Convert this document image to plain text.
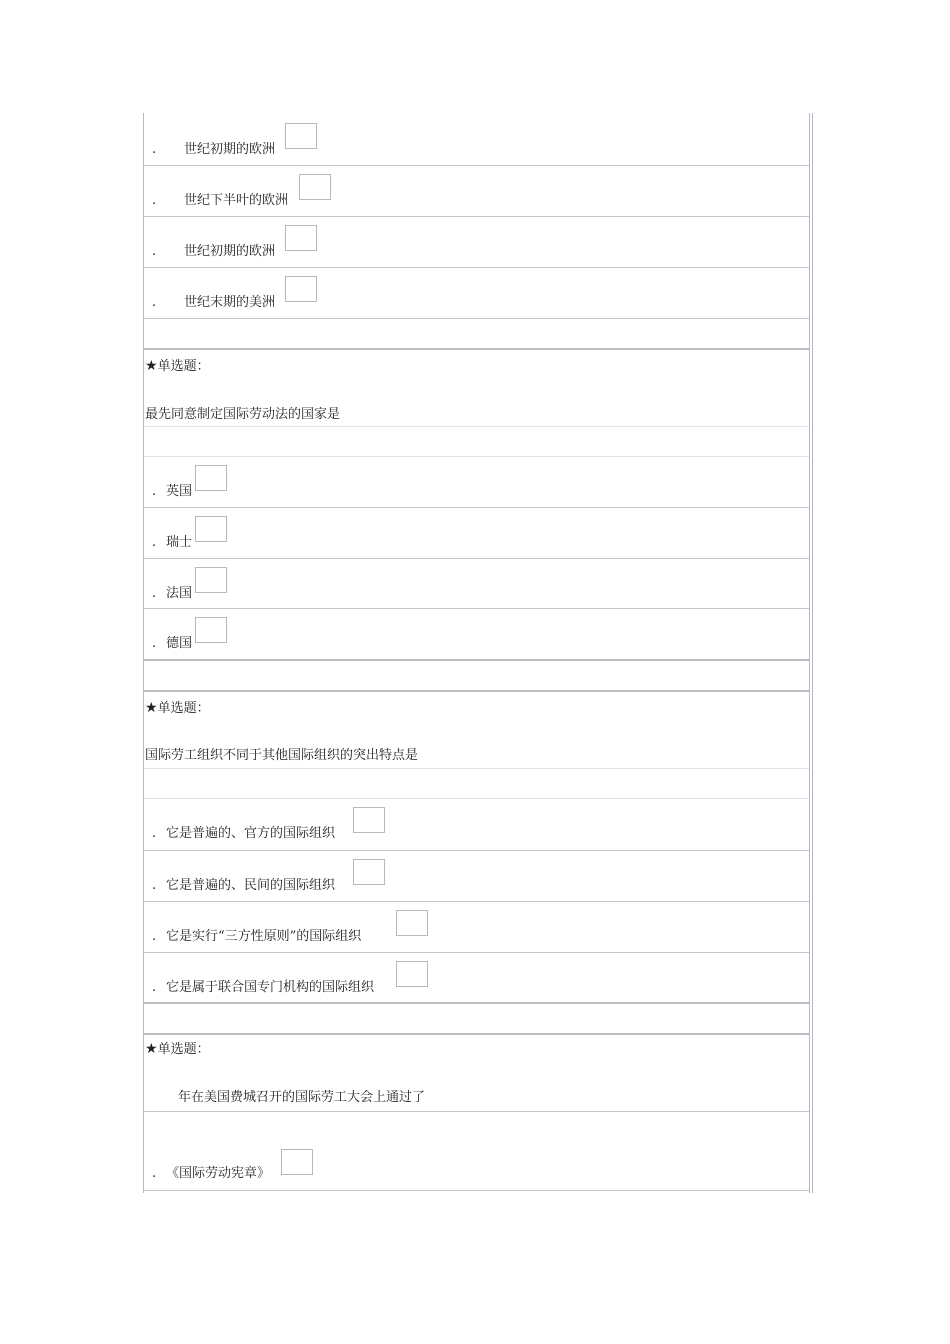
. 世纪初期的欧洲
. 世纪下半叶的欧洲
. 世纪初期的欧洲
. 世纪末期的美洲
★单选题：
最先同意制定国际劳动法的国家是
. 英国
. 瑞士
. 法国
. 德国
★单选题：
国际劳工组织不同于其他国际组织的突出特点是
. 它是普遍的、官方的国际组织
. 它是普遍的、民间的国际组织
. 它是实行“三方性原则”的国际组织
. 它是属于联合国专门机构的国际组织
★单选题：
年在美国费城召开的国际劳工大会上通过了
. 《国际劳动宪章》
